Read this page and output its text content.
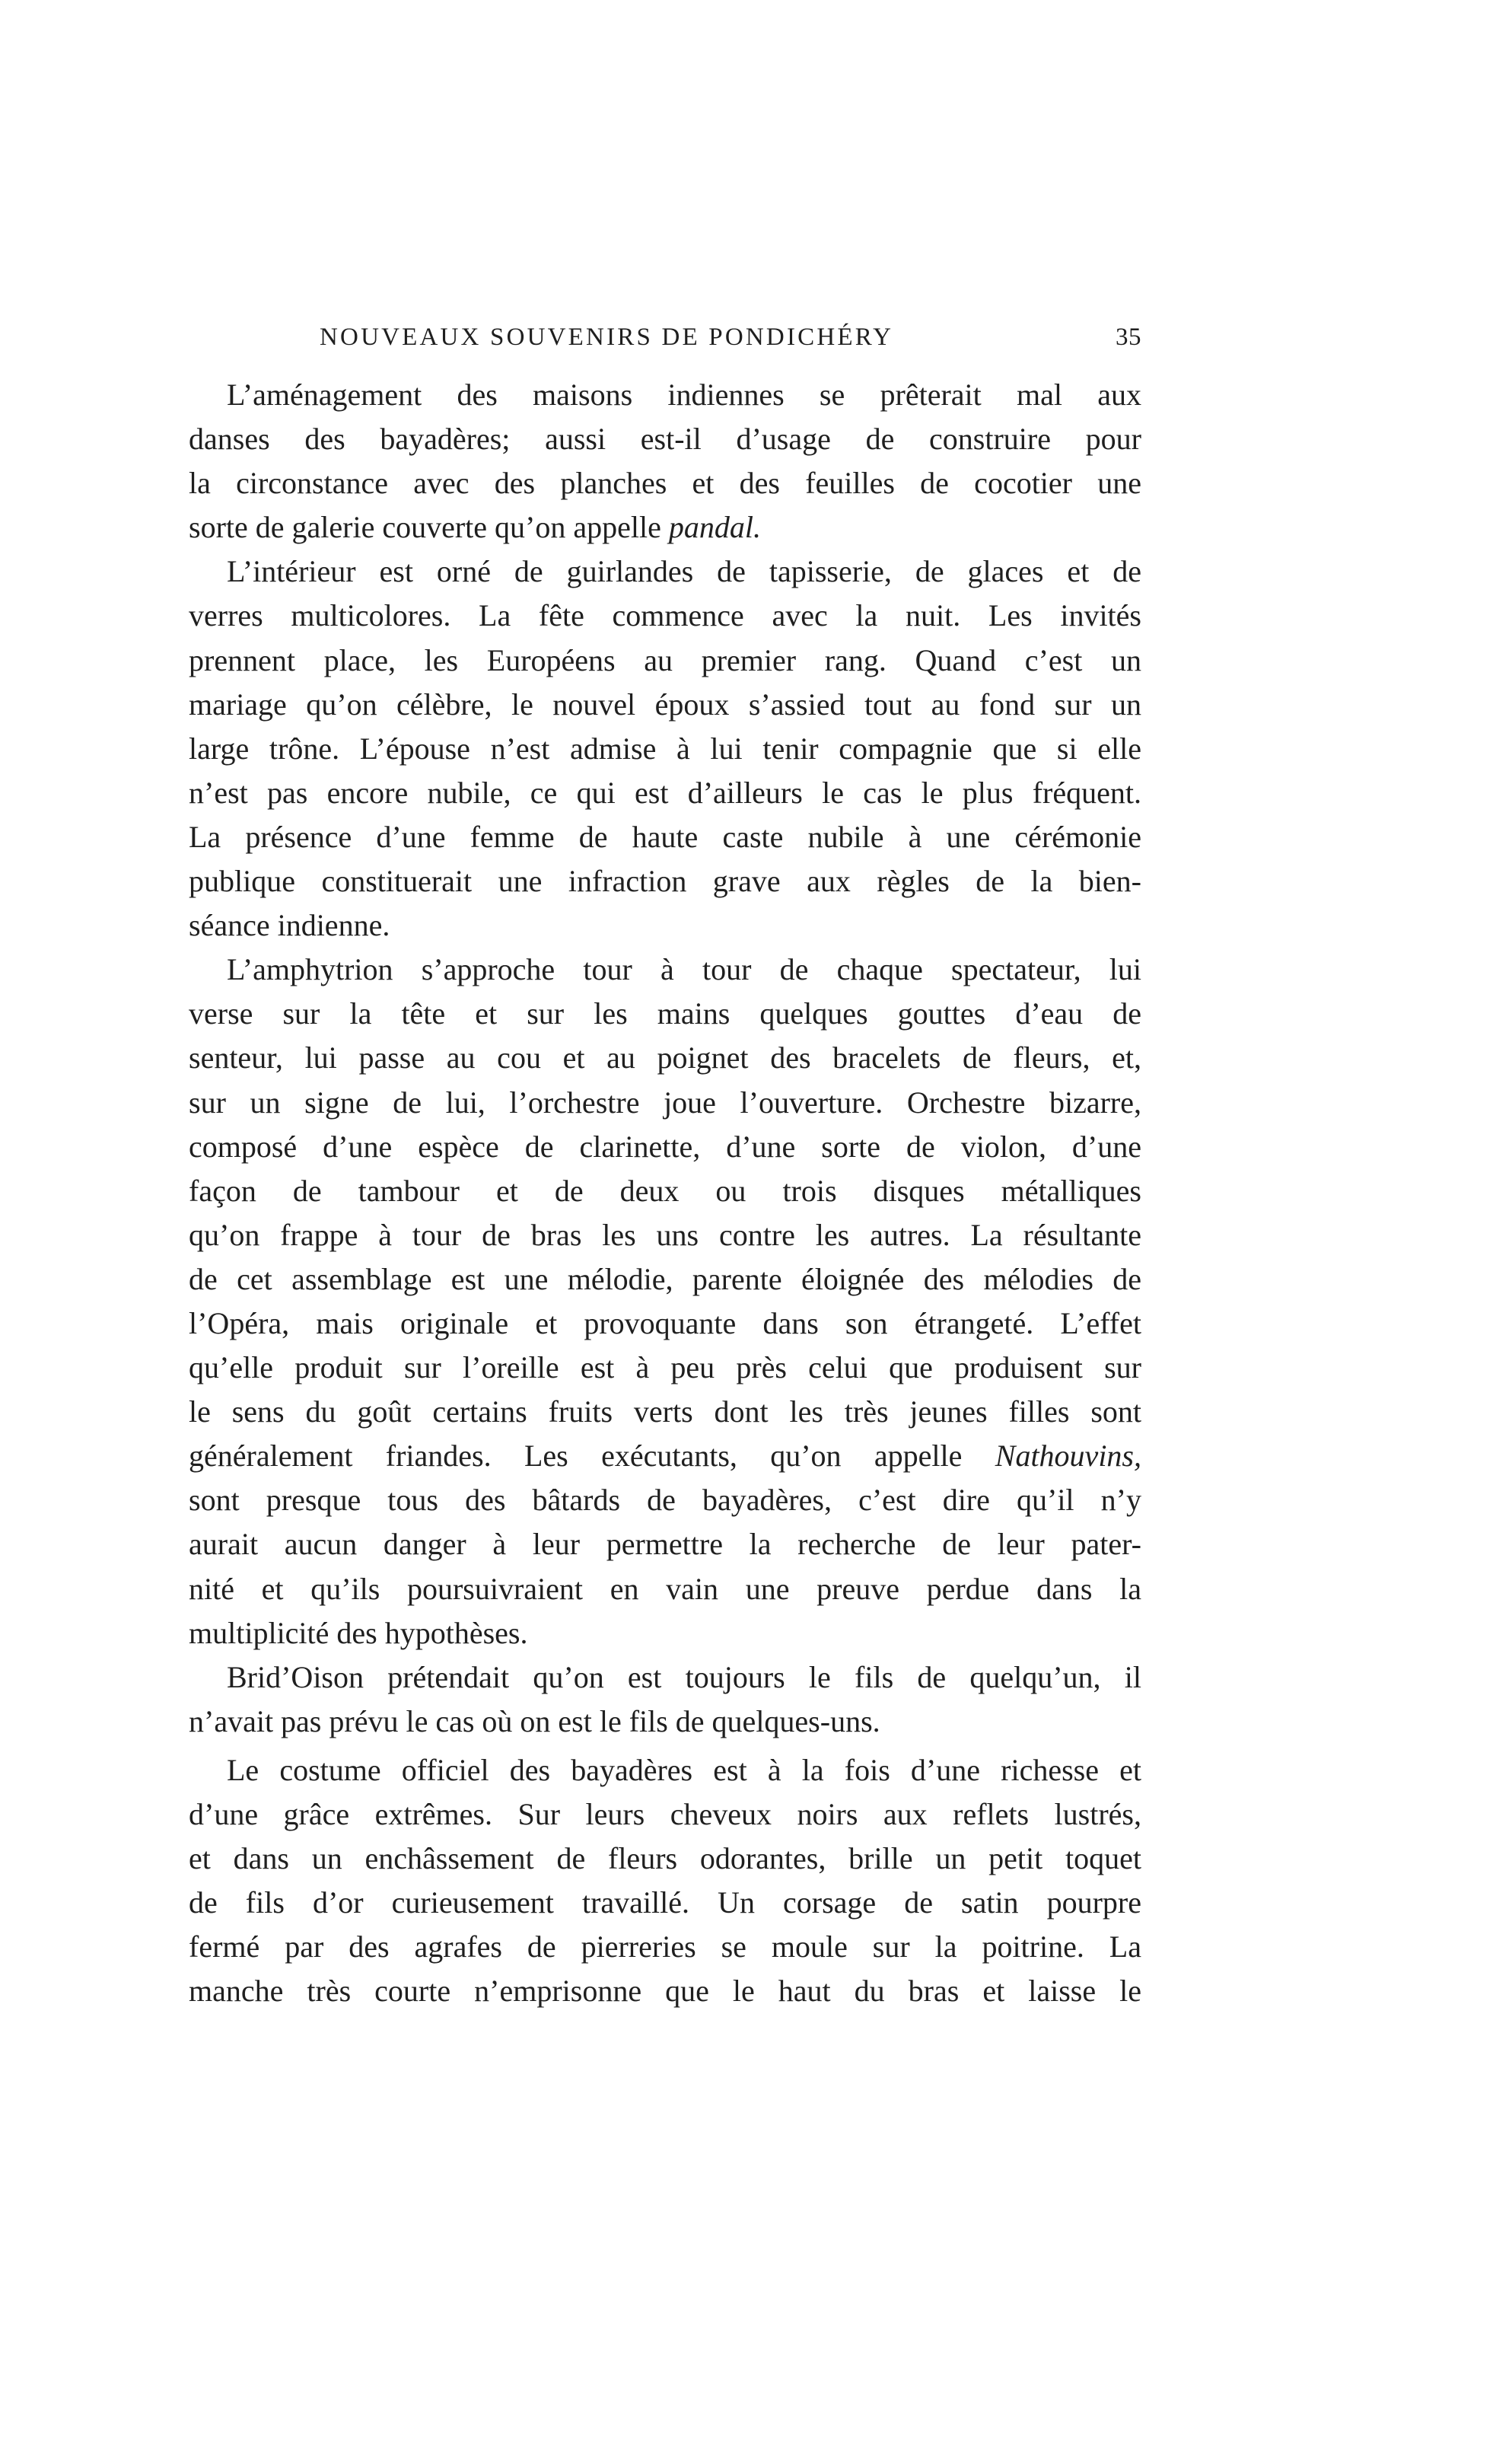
NOUVEAUX SOUVENIRS DE PONDICHÉRY	35
L’aménagement des maisons indiennes se prêterait mal aux
danses des bayadères; aussi est-il d’usage de construire pour
la circonstance avec des planches et des feuilles de cocotier une
sorte de galerie couverte qu’on appelle pandal.
L’intérieur est orné de guirlandes de tapisserie, de glaces et de
verres multicolores. La fête commence avec la nuit. Les invités
prennent place, les Européens au premier rang. Quand c’est un
mariage qu’on célèbre, le nouvel époux s’assied tout au fond sur un
large trône. L’épouse n’est admise à lui tenir compagnie que si elle
n’est pas encore nubile, ce qui est d’ailleurs le cas le plus fréquent.
La présence d’une femme de haute caste nubile à une cérémonie
publique constituerait une infraction grave aux règles de la bien-
séance indienne.
L’amphytrion s’approche tour à tour de chaque spectateur, lui
verse sur la tête et sur les mains quelques gouttes d’eau de
senteur, lui passe au cou et au poignet des bracelets de fleurs, et,
sur un signe de lui, l’orchestre joue l’ouverture. Orchestre bizarre,
composé d’une espèce de clarinette, d’une sorte de violon, d’une
façon de tambour et de deux ou trois disques métalliques
qu’on frappe à tour de bras les uns contre les autres. La résultante
de cet assemblage est une mélodie, parente éloignée des mélodies de
l’Opéra, mais originale et provoquante dans son étrangeté. L’effet
qu’elle produit sur l’oreille est à peu près celui que produisent sur
le sens du goût certains fruits verts dont les très jeunes filles sont
généralement friandes. Les exécutants, qu’on appelle Nathouvins,
sont presque tous des bâtards de bayadères, c’est dire qu’il n’y
aurait aucun danger à leur permettre la recherche de leur pater-
nité et qu’ils poursuivraient en vain une preuve perdue dans la
multiplicité des hypothèses.
Brid’Oison prétendait qu’on est toujours le fils de quelqu’un, il
n’avait pas prévu le cas où on est le fils de quelques-uns.
Le costume officiel des bayadères est à la fois d’une richesse et
d’une grâce extrêmes. Sur leurs cheveux noirs aux reflets lustrés,
et dans un enchâssement de fleurs odorantes, brille un petit toquet
de fils d’or curieusement travaillé. Un corsage de satin pourpre
fermé par des agrafes de pierreries se moule sur la poitrine. La
manche très courte n’emprisonne que le haut du bras et laisse le
